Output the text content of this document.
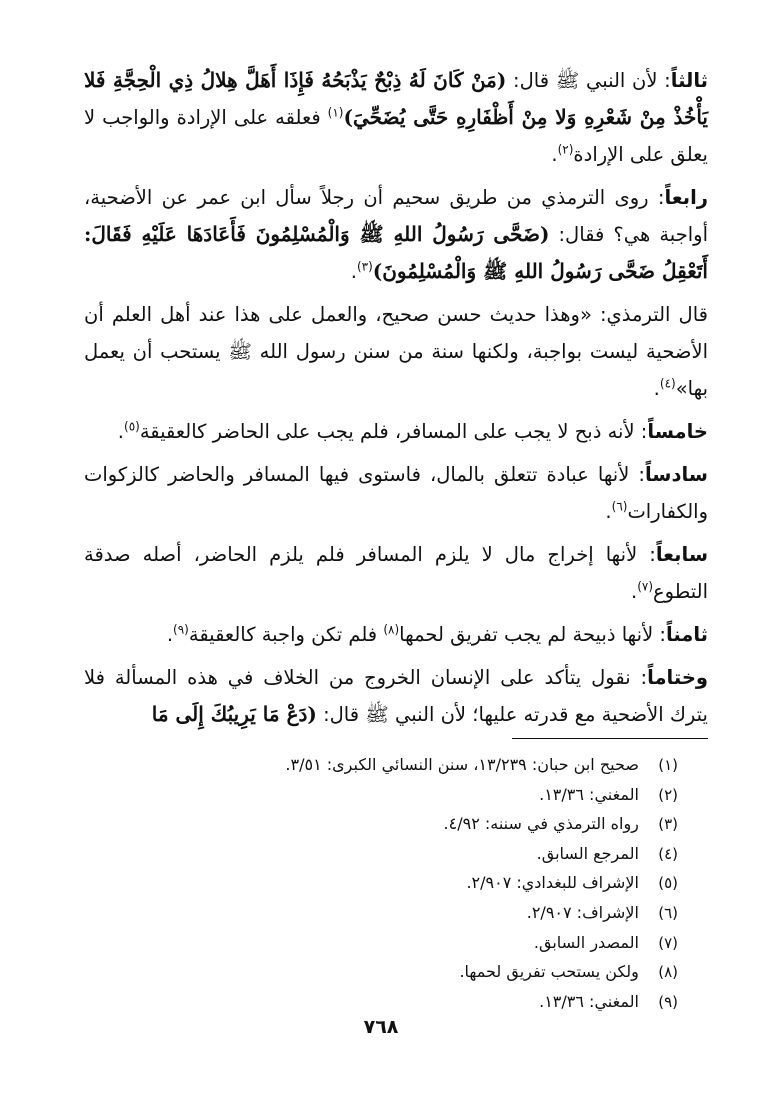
ثالثاً: لأن النبي ﷺ قال: (مَنْ كَانَ لَهُ ذِبْحٌ يَذْبَحُهُ فَإِذَا أَهَلَّ هِلالُ ذِي الْحِجَّةِ فَلا يَأْخُذْ مِنْ شَعْرِهِ وَلا مِنْ أَظْفَارِهِ حَتَّى يُضَحِّيَ)$^{(١)}$ فعلقه على الإرادة والواجب لا يعلق على الإرادة$^{(٢)}$.

رابعاً: روى الترمذي من طريق سحيم أن رجلاً سأل ابن عمر عن الأضحية، أواجبة هي؟ فقال: (ضَحَّى رَسُولُ اللهِ ﷺ وَالْمُسْلِمُونَ فَأَعَادَهَا عَلَيْهِ فَقَالَ: أَتَعْقِلُ ضَحَّى رَسُولُ اللهِ ﷺ وَالْمُسْلِمُونَ)$^{(٣)}$.

قال الترمذي: «وهذا حديث حسن صحيح، والعمل على هذا عند أهل العلم أن الأضحية ليست بواجبة، ولكنها سنة من سنن رسول الله ﷺ يستحب أن يعمل بها»$^{(٤)}$.

خامساً: لأنه ذبح لا يجب على المسافر، فلم يجب على الحاضر كالعقيقة$^{(٥)}$.

سادساً: لأنها عبادة تتعلق بالمال، فاستوى فيها المسافر والحاضر كالزكوات والكفارات$^{(٦)}$.

سابعاً: لأنها إخراج مال لا يلزم المسافر فلم يلزم الحاضر، أصله صدقة التطوع$^{(٧)}$.

ثامناً: لأنها ذبيحة لم يجب تفريق لحمها$^{(٨)}$ فلم تكن واجبة كالعقيقة$^{(٩)}$.

وختاماً: نقول يتأكد على الإنسان الخروج من الخلاف في هذه المسألة فلا يترك الأضحية مع قدرته عليها؛ لأن النبي ﷺ قال: (دَعْ مَا يَرِيبُكَ إِلَى مَا

(١) صحيح ابن حبان: ١٣/٢٣٩، سنن النسائي الكبرى: ٣/٥١.
(٢) المغني: ١٣/٣٦.
(٣) رواه الترمذي في سننه: ٤/٩٢.
(٤) المرجع السابق.
(٥) الإشراف للبغدادي: ٢/٩٠٧.
(٦) الإشراف: ٢/٩٠٧.
(٧) المصدر السابق.
(٨) ولكن يستحب تفريق لحمها.
(٩) المغني: ١٣/٣٦.
٧٦٨
